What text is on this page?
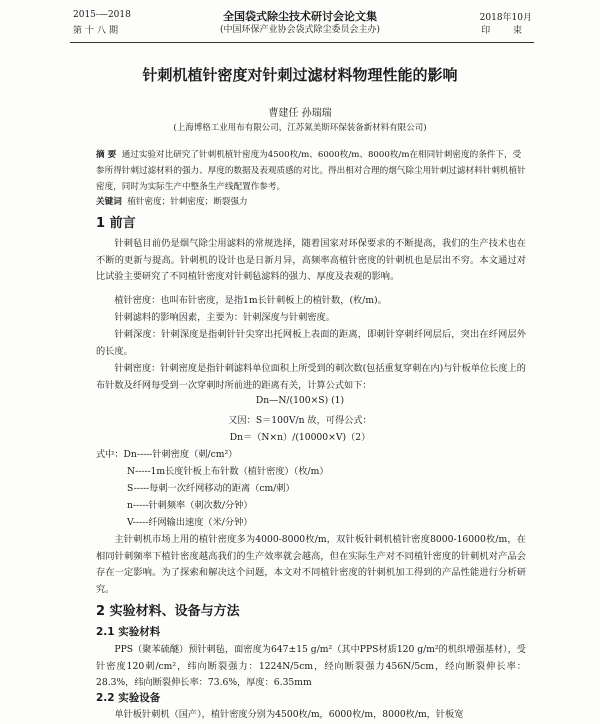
2015-—2018
第十八期
全国袋式除尘技术研讨会论文集
(中国环保产业协会袋式除尘委员会主办)
2018年10月
印 束
针刺机植针密度对针刺过滤材料物理性能的影响
曹建任 孙瑞瑞
(上海博格工业用布有限公司，江苏氮美斯环保装备新材料有限公司)
摘 要 通过实验对比研究了针刺机植针密度为4500枚/m、6000枚/m、8000枚/m在相同针刺密度的条件下，受参所得针刺过滤材料的强力、厚度的数据及表观质感的对比。得出相对合理的烟气除尘用针刺过滤材料针刺机植针密度，同时为实际生产中整条生产线配置作参考。
关键词 植针密度；针刺密度；断裂强力
1 前言
针刺毡目前仍是烟气除尘用滤料的常规选择，随着国家对环保要求的不断提高，我们的生产技术也在不断的更新与提高。针刺机的设计也是日新月异，高频率高植针密度的针刺机也是层出不穷。本文通过对比试验主要研究了不同植针密度对针刺毡滤料的强力、厚度及表观的影响。
植针密度：也叫布针密度，是指1m长针刺板上的植针数，(枚/m)。
针刺滤料的影响因素，主要为：针刺深度与针刺密度。
针刺深度：针刺深度是指刺针针尖穿出托网板上表面的距离，即刺针穿刺纤网层后，突出在纤网层外的长度。
针刺密度：针刺密度是指针刺滤料单位面积上所受到的刺次数(包括重复穿刺在内)与针板单位长度上的布针数及纤网每受到一次穿刺时所前进的距离有关，计算公式如下：
Dn—N/(100×S) (1)
又因：S＝100V/n 故，可得公式：
Dn＝（N×n）/(10000×V)（2）
式中：Dn-----针刺密度（刺/cm²）
N-----1m长度针板上布针数（植针密度）（枚/m）
S-----每刺一次纤网移动的距离（cm/刺）
n-----针刺频率（刺次数/分钟）
V-----纤网输出速度（米/分钟）
主针刺机市场上用的植针密度多为4000-8000枚/m，双针板针刺机植针密度8000-16000枚/m，在相同针刺频率下植针密度越高我们的生产效率就会越高，但在实际生产对不同植针密度的针刺机对产品会存在一定影响。为了探索和解决这个问题，本文对不同植针密度的针刺机加工得到的产品性能进行分析研究。
2 实验材料、设备与方法
2.1 实验材料
PPS（聚苯硫醚）预针刺毡，面密度为647±15 g/m²（其中PPS材质120 g/m²的机织增强基材），受针密度120刺/cm²，纬向断裂强力：1224N/5cm，经向断裂强力456N/5cm，经向断裂伸长率：28.3%，纬向断裂伸长率：73.6%，厚度：6.35mm
2.2 实验设备
单针板针刺机（国产），植针密度分别为4500枚/m，6000枚/m，8000枚/m，针板宽
